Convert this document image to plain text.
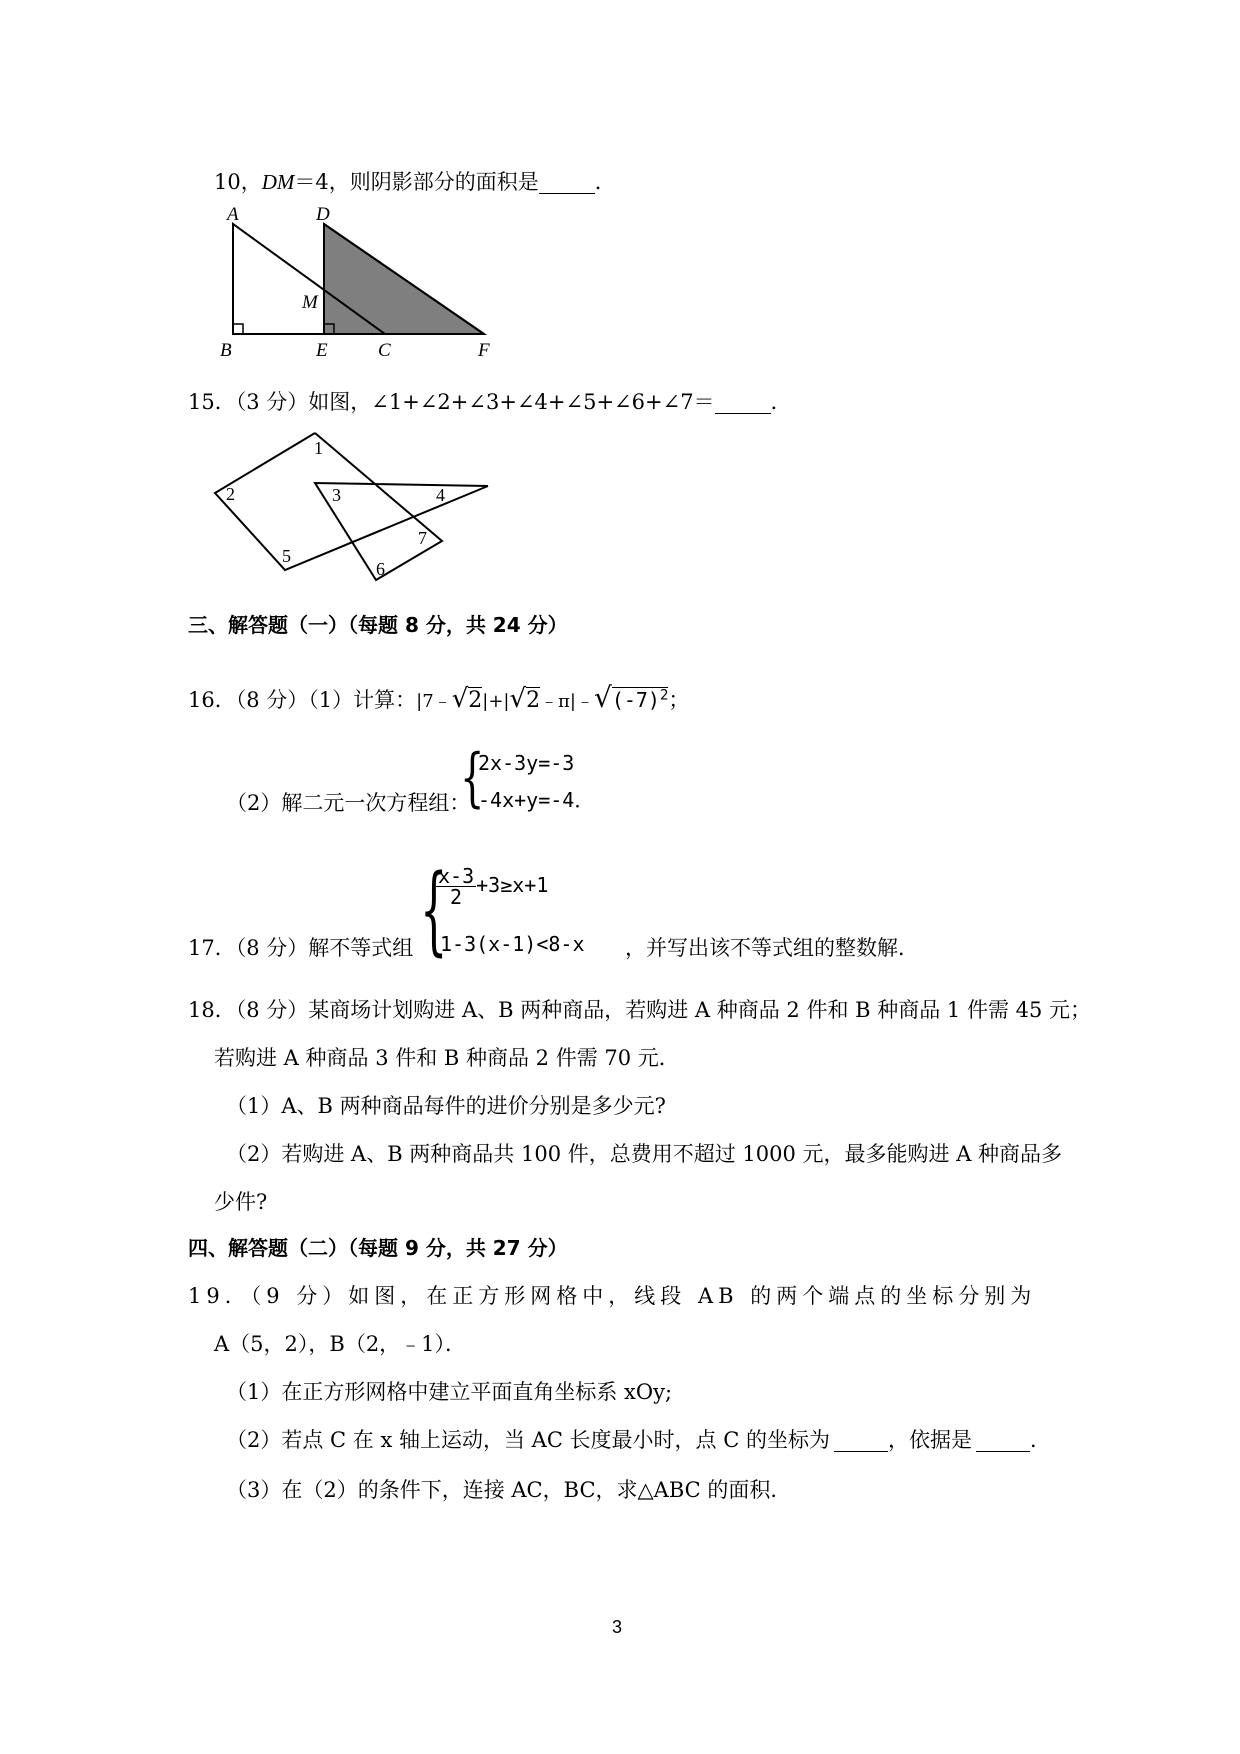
10，DM＝4，则阴影部分的面积是	．
A	D
M
B	E	C	F
15．（3 分）如图，∠1+∠2+∠3+∠4+∠5+∠6+∠7＝	．
1
2	3	4
5
6
7
三、解答题（一）（每题 8 分，共 24 分）
16．（8 分）（1）计算：$|7﹣√2|+|√2﹣\pi|﹣√(-7)^2$；
（2）解二元一次方程组：
{
2x-3y=-3
-4x+y=-4．
{
$\frac{x-3}{2} +3\ge x+1$
17．（8 分）解不等式组 1-3(x-1)<8-x ，并写出该不等式组的整数解．
18．（8 分）某商场计划购进 A、B 两种商品，若购进 A 种商品 2 件和 B 种商品 1 件需 45 元；
若购进 A 种商品 3 件和 B 种商品 2 件需 70 元．
（1）A、B 两种商品每件的进价分别是多少元?
（2）若购进 A、B 两种商品共 100 件，总费用不超过 1000 元，最多能购进 A 种商品多
少件?
四、解答题（二）（每题 9 分，共 27 分）
19．（9 分）如图，在正方形网格中，线段 AB 的两个端点的坐标分别为
A（5，2），B（2，﹣1）．
（1）在正方形网格中建立平面直角坐标系 xOy;
（2）若点 C 在 x 轴上运动，当 AC 长度最小时，点 C 的坐标为	，依据是	．
（3）在（2）的条件下，连接 AC，BC，求△ABC 的面积．
3
